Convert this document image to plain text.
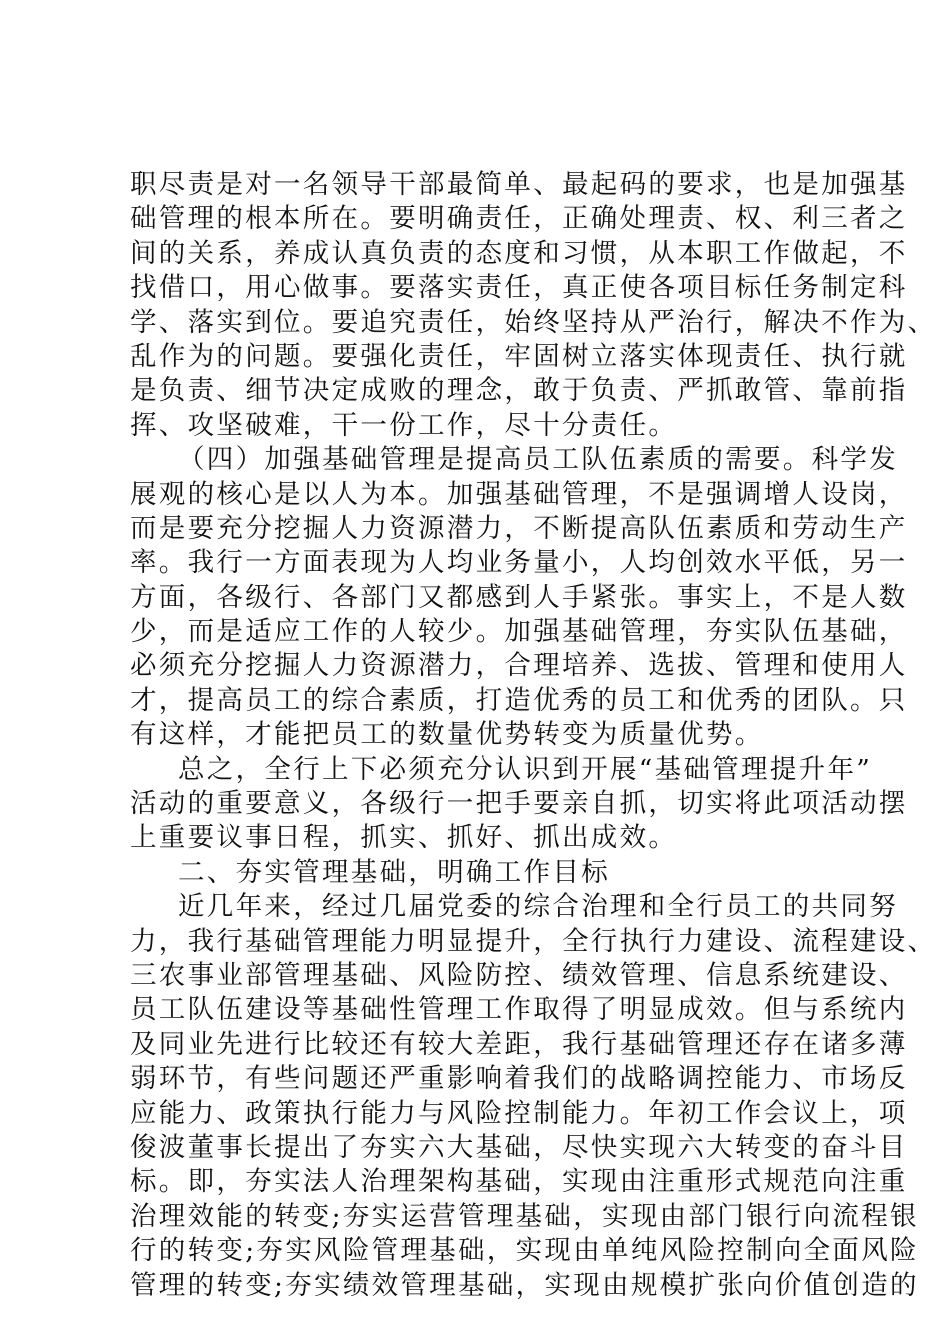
职尽责是对一名领导干部最简单、最起码的要求，也是加强基
础管理的根本所在。要明确责任，正确处理责、权、利三者之
间的关系，养成认真负责的态度和习惯，从本职工作做起，不
找借口，用心做事。要落实责任，真正使各项目标任务制定科
学、落实到位。要追究责任，始终坚持从严治行，解决不作为、
乱作为的问题。要强化责任，牢固树立落实体现责任、执行就
是负责、细节决定成败的理念，敢于负责、严抓敢管、靠前指
挥、攻坚破难，干一份工作，尽十分责任。
（四）加强基础管理是提高员工队伍素质的需要。科学发
展观的核心是以人为本。加强基础管理，不是强调增人设岗，
而是要充分挖掘人力资源潜力，不断提高队伍素质和劳动生产
率。我行一方面表现为人均业务量小，人均创效水平低，另一
方面，各级行、各部门又都感到人手紧张。事实上，不是人数
少，而是适应工作的人较少。加强基础管理，夯实队伍基础，
必须充分挖掘人力资源潜力，合理培养、选拔、管理和使用人
才，提高员工的综合素质，打造优秀的员工和优秀的团队。只
有这样，才能把员工的数量优势转变为质量优势。
总之，全行上下必须充分认识到开展“基础管理提升年”
活动的重要意义，各级行一把手要亲自抓，切实将此项活动摆
上重要议事日程，抓实、抓好、抓出成效。
二、夯实管理基础，明确工作目标
近几年来，经过几届党委的综合治理和全行员工的共同努
力，我行基础管理能力明显提升，全行执行力建设、流程建设、
三农事业部管理基础、风险防控、绩效管理、信息系统建设、
员工队伍建设等基础性管理工作取得了明显成效。但与系统内
及同业先进行比较还有较大差距，我行基础管理还存在诸多薄
弱环节，有些问题还严重影响着我们的战略调控能力、市场反
应能力、政策执行能力与风险控制能力。年初工作会议上，项
俊波董事长提出了夯实六大基础，尽快实现六大转变的奋斗目
标。即，夯实法人治理架构基础，实现由注重形式规范向注重
治理效能的转变;夯实运营管理基础，实现由部门银行向流程银
行的转变;夯实风险管理基础，实现由单纯风险控制向全面风险
管理的转变;夯实绩效管理基础，实现由规模扩张向价值创造的
